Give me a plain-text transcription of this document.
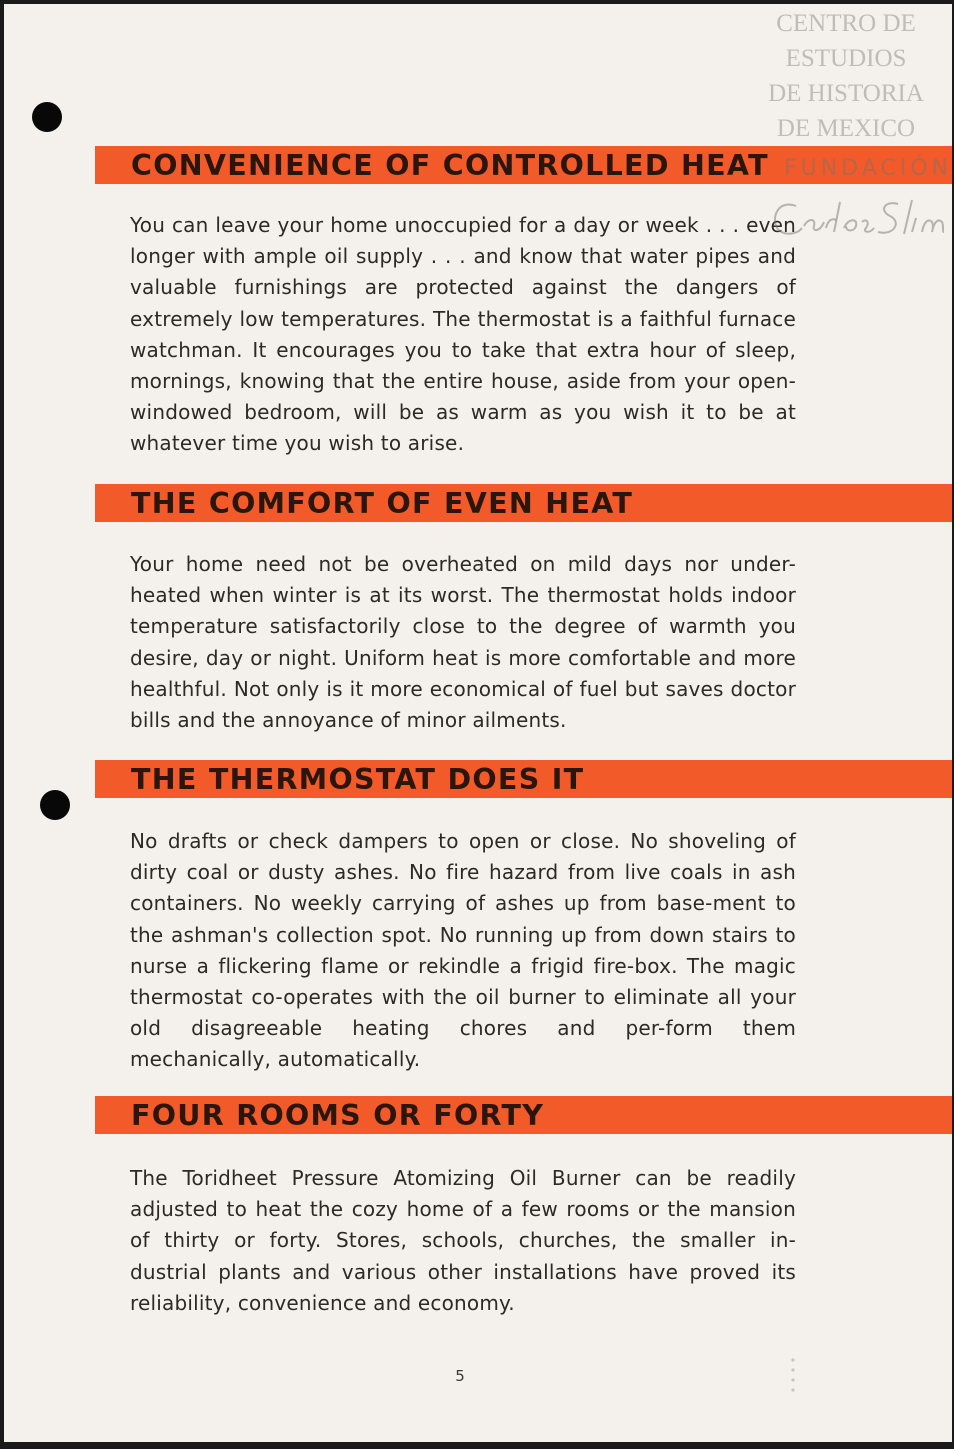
CONVENIENCE OF CONTROLLED HEAT

You can leave your home unoccupied for a day or week . . . even longer with ample oil supply . . . and know that water pipes and valuable furnishings are protected against the dangers of extremely low temperatures. The thermostat is a faithful furnace watchman. It encourages you to take that extra hour of sleep, mornings, knowing that the entire house, aside from your open-windowed bedroom, will be as warm as you wish it to be at whatever time you wish to arise.

THE COMFORT OF EVEN HEAT

Your home need not be overheated on mild days nor under-heated when winter is at its worst. The thermostat holds indoor temperature satisfactorily close to the degree of warmth you desire, day or night. Uniform heat is more comfortable and more healthful. Not only is it more economical of fuel but saves doctor bills and the annoyance of minor ailments.

THE THERMOSTAT DOES IT

No drafts or check dampers to open or close. No shoveling of dirty coal or dusty ashes. No fire hazard from live coals in ash containers. No weekly carrying of ashes up from base-ment to the ashman's collection spot. No running up from down stairs to nurse a flickering flame or rekindle a frigid fire-box. The magic thermostat co-operates with the oil burner to eliminate all your old disagreeable heating chores and per-form them mechanically, automatically.

FOUR ROOMS OR FORTY

The Toridheet Pressure Atomizing Oil Burner can be readily adjusted to heat the cozy home of a few rooms or the mansion of thirty or forty. Stores, schools, churches, the smaller in-dustrial plants and various other installations have proved its reliability, convenience and economy.

5
CENTRO DE
ESTUDIOS
DE HISTORIA
DE MEXICO
FUNDACIÓN
